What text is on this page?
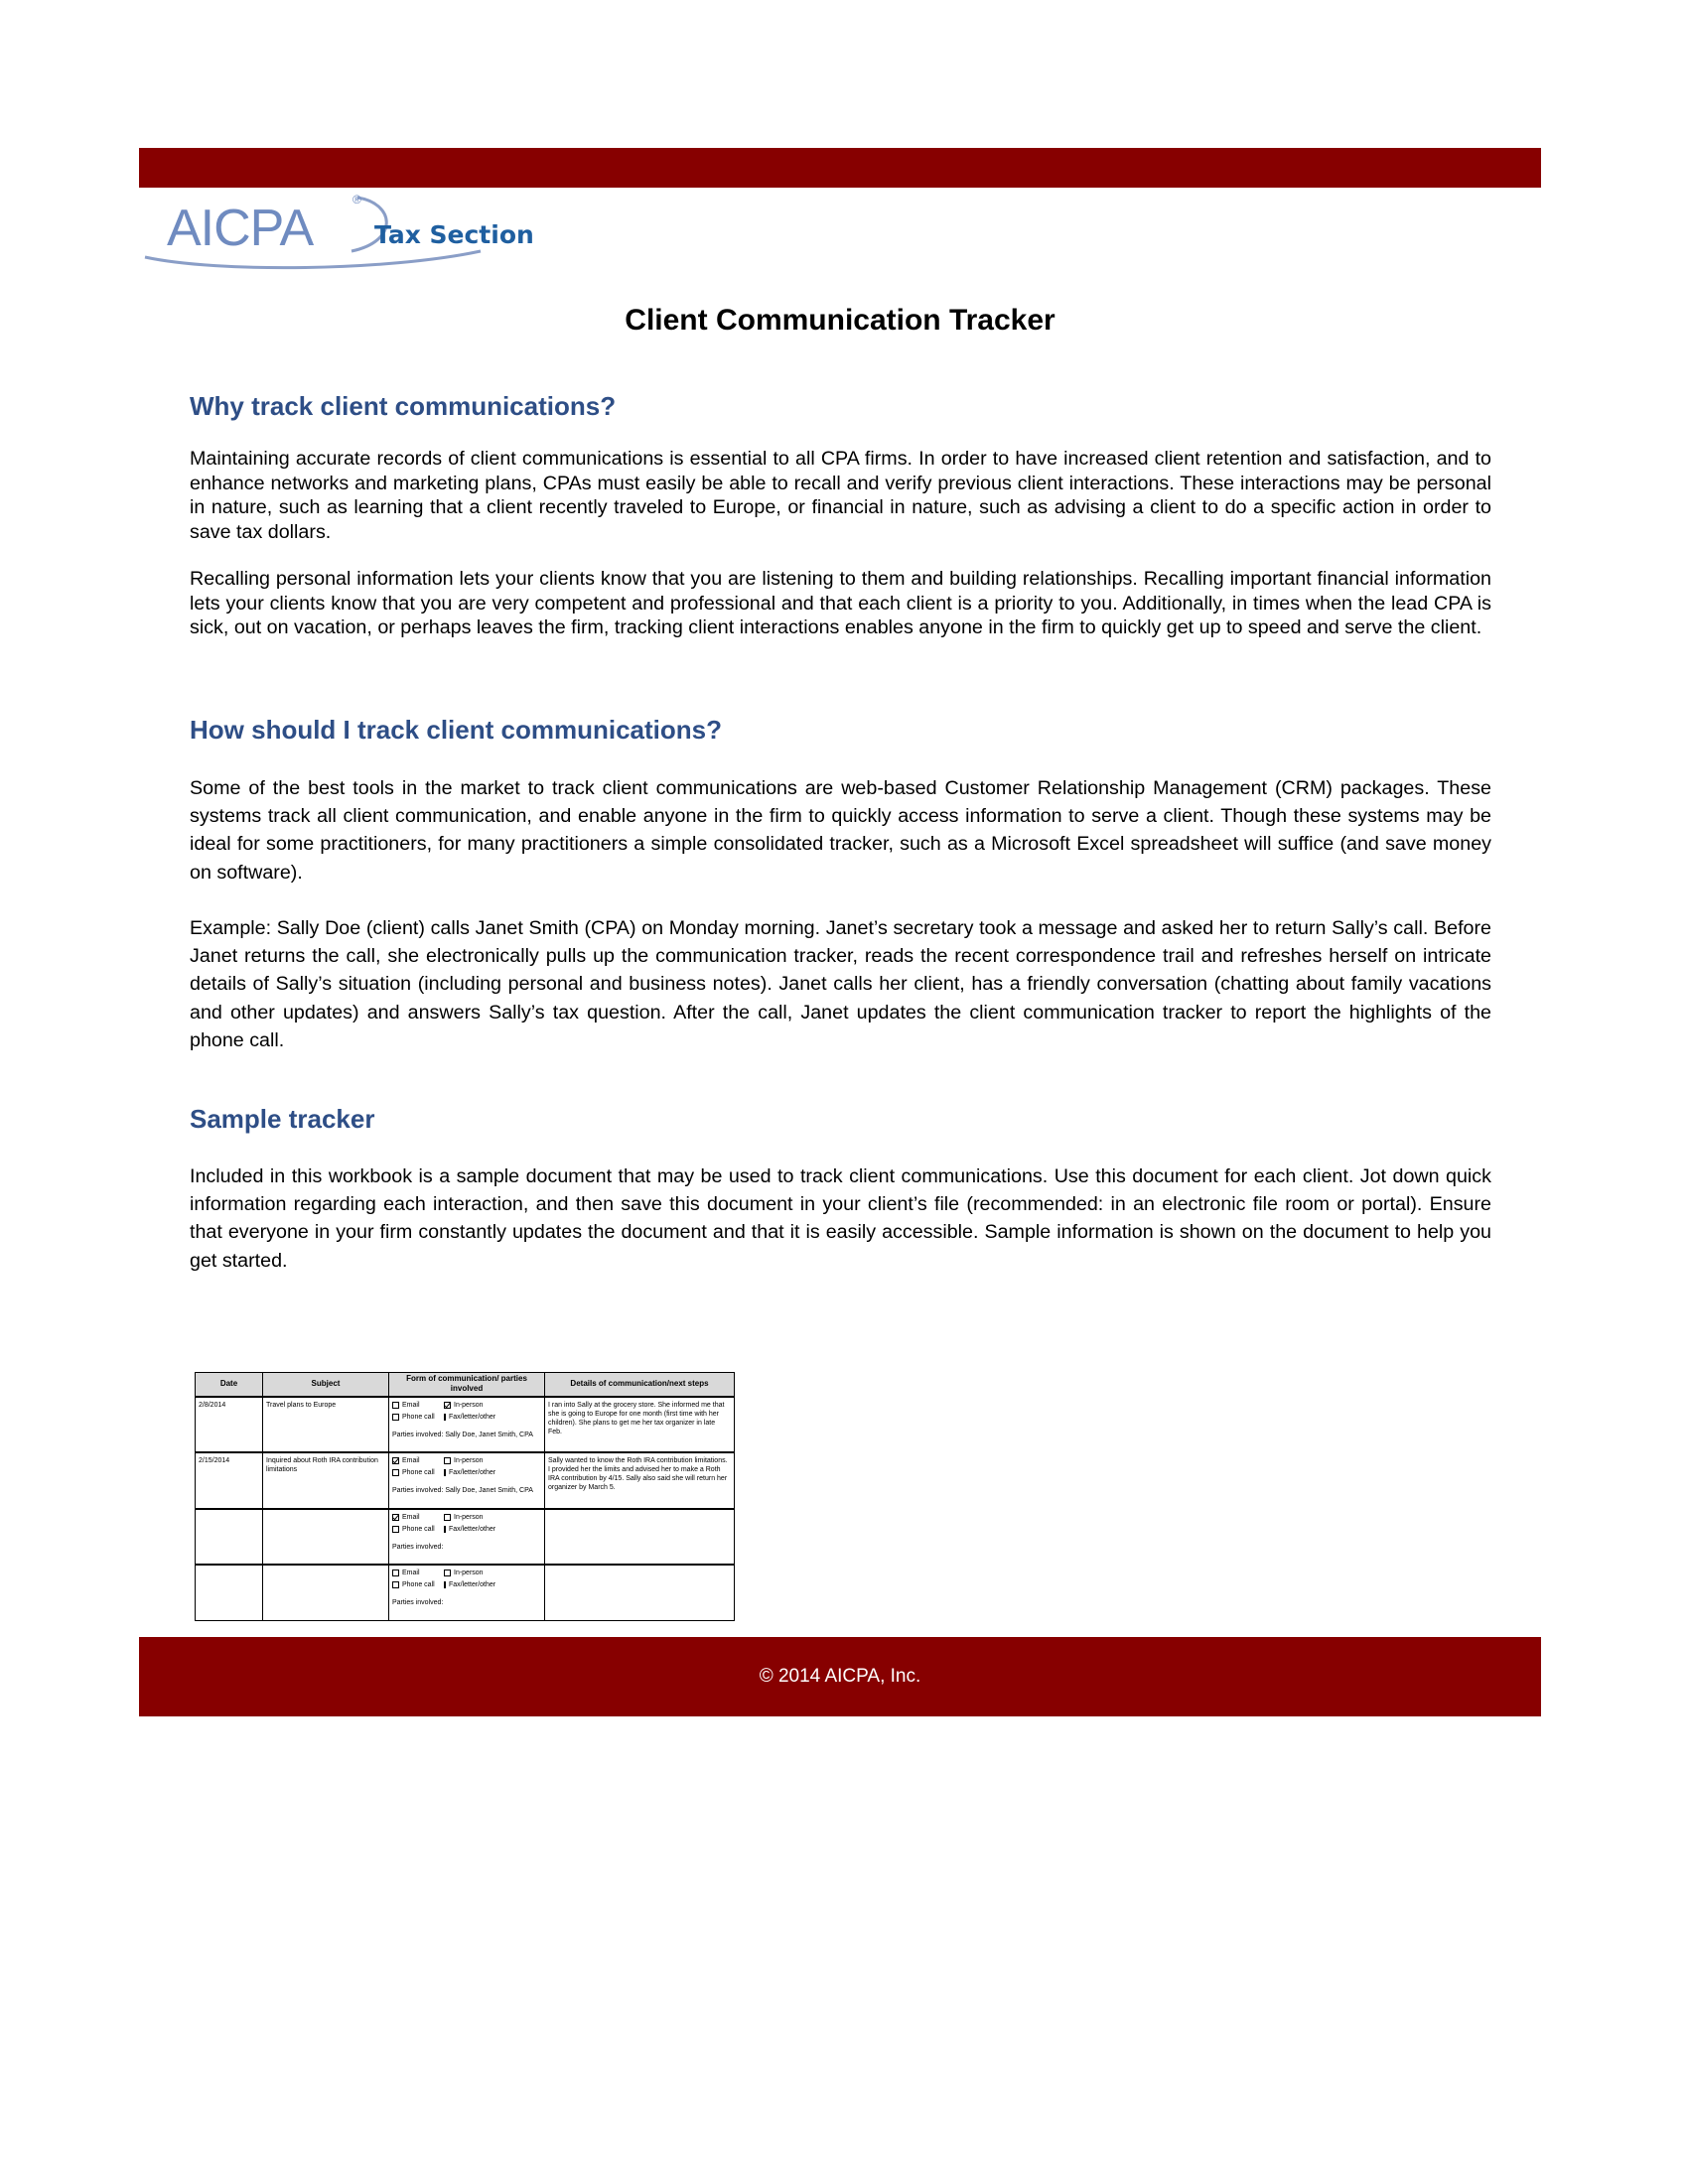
AICPA	®
Tax Section
Client Communication Tracker
Why track client communications?
Maintaining accurate records of client communications is essential to all CPA firms. In order to have increased client retention and satisfaction, and to enhance networks and marketing plans, CPAs must easily be able to recall and verify previous client interactions. These interactions may be personal in nature, such as learning that a client recently traveled to Europe, or financial in nature, such as advising a client to do a specific action in order to save tax dollars.
Recalling personal information lets your clients know that you are listening to them and building relationships. Recalling important financial information lets your clients know that you are very competent and professional and that each client is a priority to you. Additionally, in times when the lead CPA is sick, out on vacation, or perhaps leaves the firm, tracking client interactions enables anyone in the firm to quickly get up to speed and serve the client.
How should I track client communications?
Some of the best tools in the market to track client communications are web-based Customer Relationship Management (CRM) packages. These systems track all client communication, and enable anyone in the firm to quickly access information to serve a client. Though these systems may be ideal for some practitioners, for many practitioners a simple consolidated tracker, such as a Microsoft Excel spreadsheet will suffice (and save money on software).
Example: Sally Doe (client) calls Janet Smith (CPA) on Monday morning. Janet’s secretary took a message and asked her to return Sally’s call. Before Janet returns the call, she electronically pulls up the communication tracker, reads the recent correspondence trail and refreshes herself on intricate details of Sally’s situation (including personal and business notes). Janet calls her client, has a friendly conversation (chatting about family vacations and other updates) and answers Sally’s tax question. After the call, Janet updates the client communication tracker to report the highlights of the phone call.
Sample tracker
Included in this workbook is a sample document that may be used to track client communications. Use this document for each client. Jot down quick information regarding each interaction, and then save this document in your client’s file (recommended: in an electronic file room or portal). Ensure that everyone in your firm constantly updates the document and that it is easily accessible. Sample information is shown on the document to help you get started.
Date	Subject	Form of communication/ parties involved	Details of communication/next steps
2/8/2014	Travel plans to Europe	Email In-person
Phone call Fax/letter/other
Parties involved: Sally Doe, Janet Smith, CPA	I ran into Sally at the grocery store. She informed me that she is going to Europe for one month (first time with her children). She plans to get me her tax organizer in late Feb.
2/15/2014	Inquired about Roth IRA contribution limitations	Email In-person
Phone call Fax/letter/other
Parties involved: Sally Doe, Janet Smith, CPA	Sally wanted to know the Roth IRA contribution limitations. I provided her the limits and advised her to make a Roth IRA contribution by 4/15. Sally also said she will return her organizer by March 5.

		Email In-person
Phone call Fax/letter/other
Parties involved:	

		Email In-person
Phone call Fax/letter/other
Parties involved:	

© 2014 AICPA, Inc.
